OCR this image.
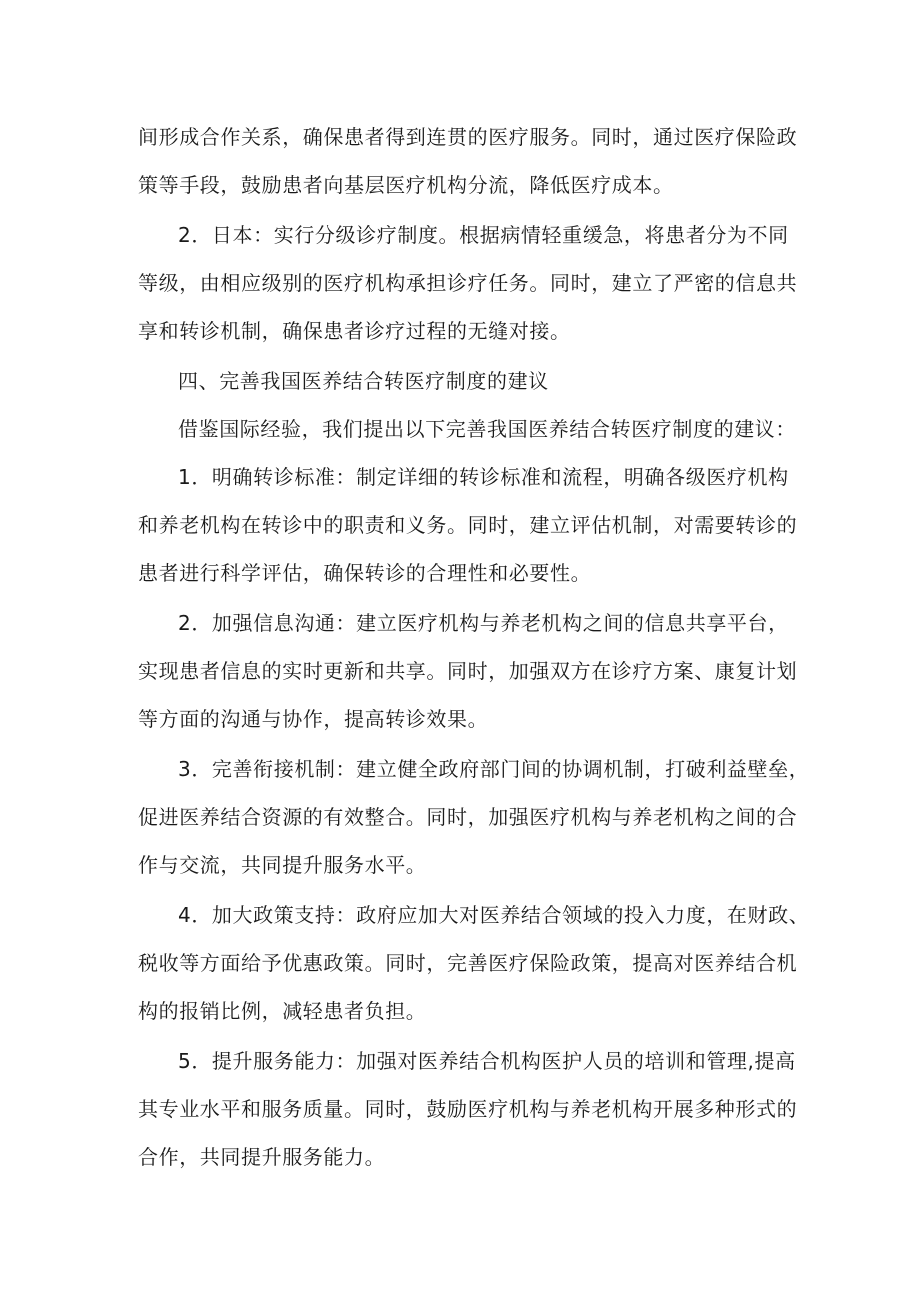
间形成合作关系，确保患者得到连贯的医疗服务。同时，通过医疗保险政
策等手段，鼓励患者向基层医疗机构分流，降低医疗成本。
2．日本：实行分级诊疗制度。根据病情轻重缓急，将患者分为不同
等级，由相应级别的医疗机构承担诊疗任务。同时，建立了严密的信息共
享和转诊机制，确保患者诊疗过程的无缝对接。
四、完善我国医养结合转医疗制度的建议
借鉴国际经验，我们提出以下完善我国医养结合转医疗制度的建议：
1．明确转诊标准：制定详细的转诊标准和流程，明确各级医疗机构
和养老机构在转诊中的职责和义务。同时，建立评估机制，对需要转诊的
患者进行科学评估，确保转诊的合理性和必要性。
2．加强信息沟通：建立医疗机构与养老机构之间的信息共享平台，
实现患者信息的实时更新和共享。同时，加强双方在诊疗方案、康复计划
等方面的沟通与协作，提高转诊效果。
3．完善衔接机制：建立健全政府部门间的协调机制，打破利益壁垒，
促进医养结合资源的有效整合。同时，加强医疗机构与养老机构之间的合
作与交流，共同提升服务水平。
4．加大政策支持：政府应加大对医养结合领域的投入力度，在财政、
税收等方面给予优惠政策。同时，完善医疗保险政策，提高对医养结合机
构的报销比例，减轻患者负担。
5．提升服务能力：加强对医养结合机构医护人员的培训和管理,提高
其专业水平和服务质量。同时，鼓励医疗机构与养老机构开展多种形式的
合作，共同提升服务能力。
